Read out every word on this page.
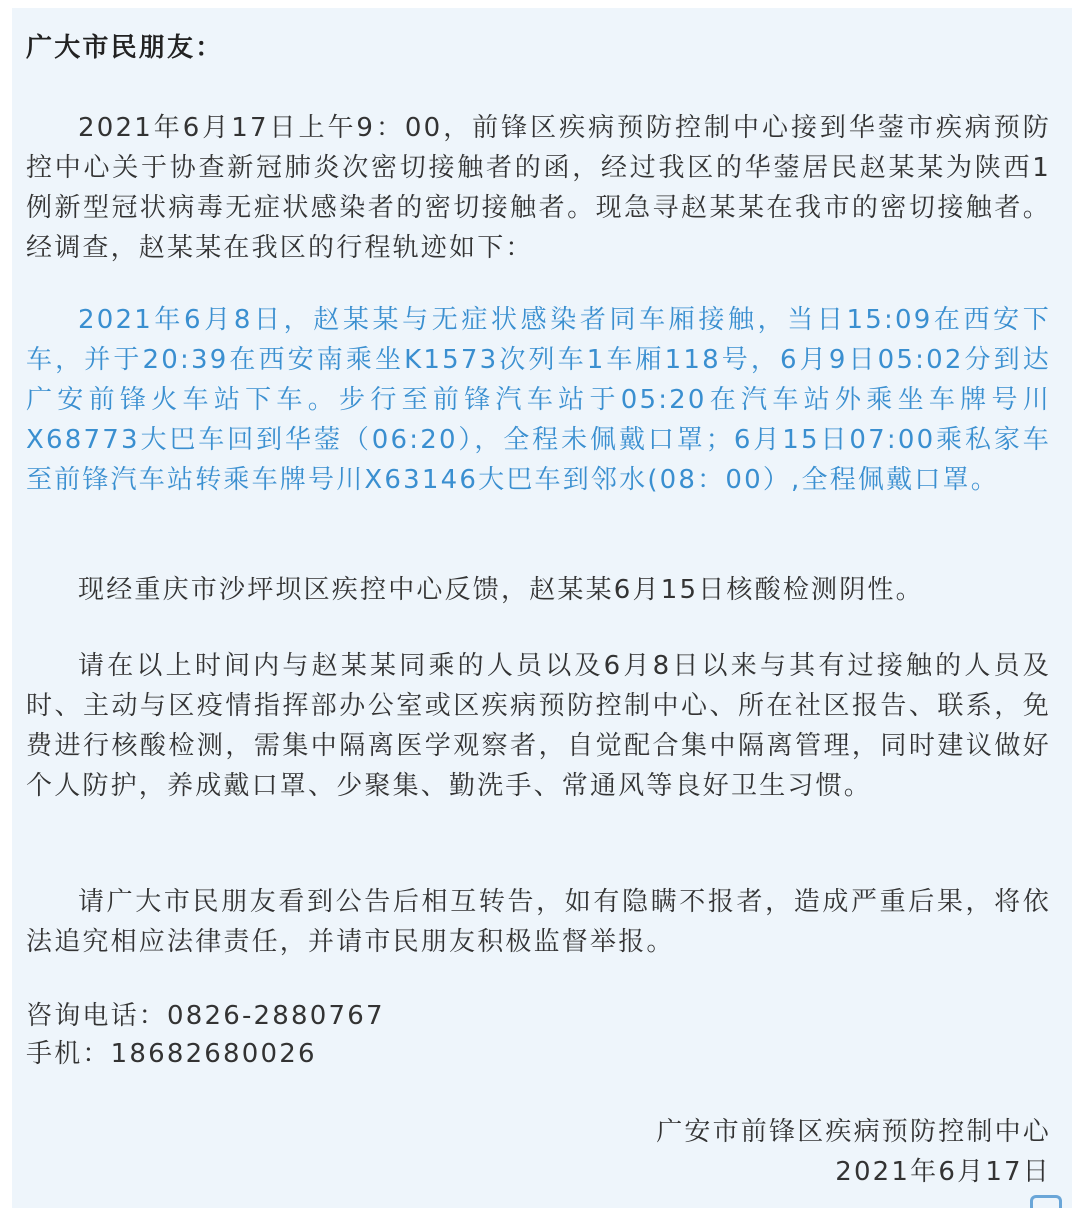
广大市民朋友：

2021年6月17日上午9：00，前锋区疾病预防控制中心接到华蓥市疾病预防控中心关于协查新冠肺炎次密切接触者的函，经过我区的华蓥居民赵某某为陕西1例新型冠状病毒无症状感染者的密切接触者。现急寻赵某某在我市的密切接触者。经调查，赵某某在我区的行程轨迹如下：

2021年6月8日，赵某某与无症状感染者同车厢接触，当日15:09在西安下车，并于20:39在西安南乘坐K1573次列车1车厢118号，6月9日05:02分到达广安前锋火车站下车。步行至前锋汽车站于05:20在汽车站外乘坐车牌号川X68773大巴车回到华蓥（06:20），全程未佩戴口罩；6月15日07:00乘私家车至前锋汽车站转乘车牌号川X63146大巴车到邻水(08：00）,全程佩戴口罩。

现经重庆市沙坪坝区疾控中心反馈，赵某某6月15日核酸检测阴性。

请在以上时间内与赵某某同乘的人员以及6月8日以来与其有过接触的人员及时、主动与区疫情指挥部办公室或区疾病预防控制中心、所在社区报告、联系，免费进行核酸检测，需集中隔离医学观察者，自觉配合集中隔离管理，同时建议做好个人防护，养成戴口罩、少聚集、勤洗手、常通风等良好卫生习惯。

请广大市民朋友看到公告后相互转告，如有隐瞒不报者，造成严重后果，将依法追究相应法律责任，并请市民朋友积极监督举报。

咨询电话：0826-2880767
手机：18682680026
广安市前锋区疾病预防控制中心
2021年6月17日
